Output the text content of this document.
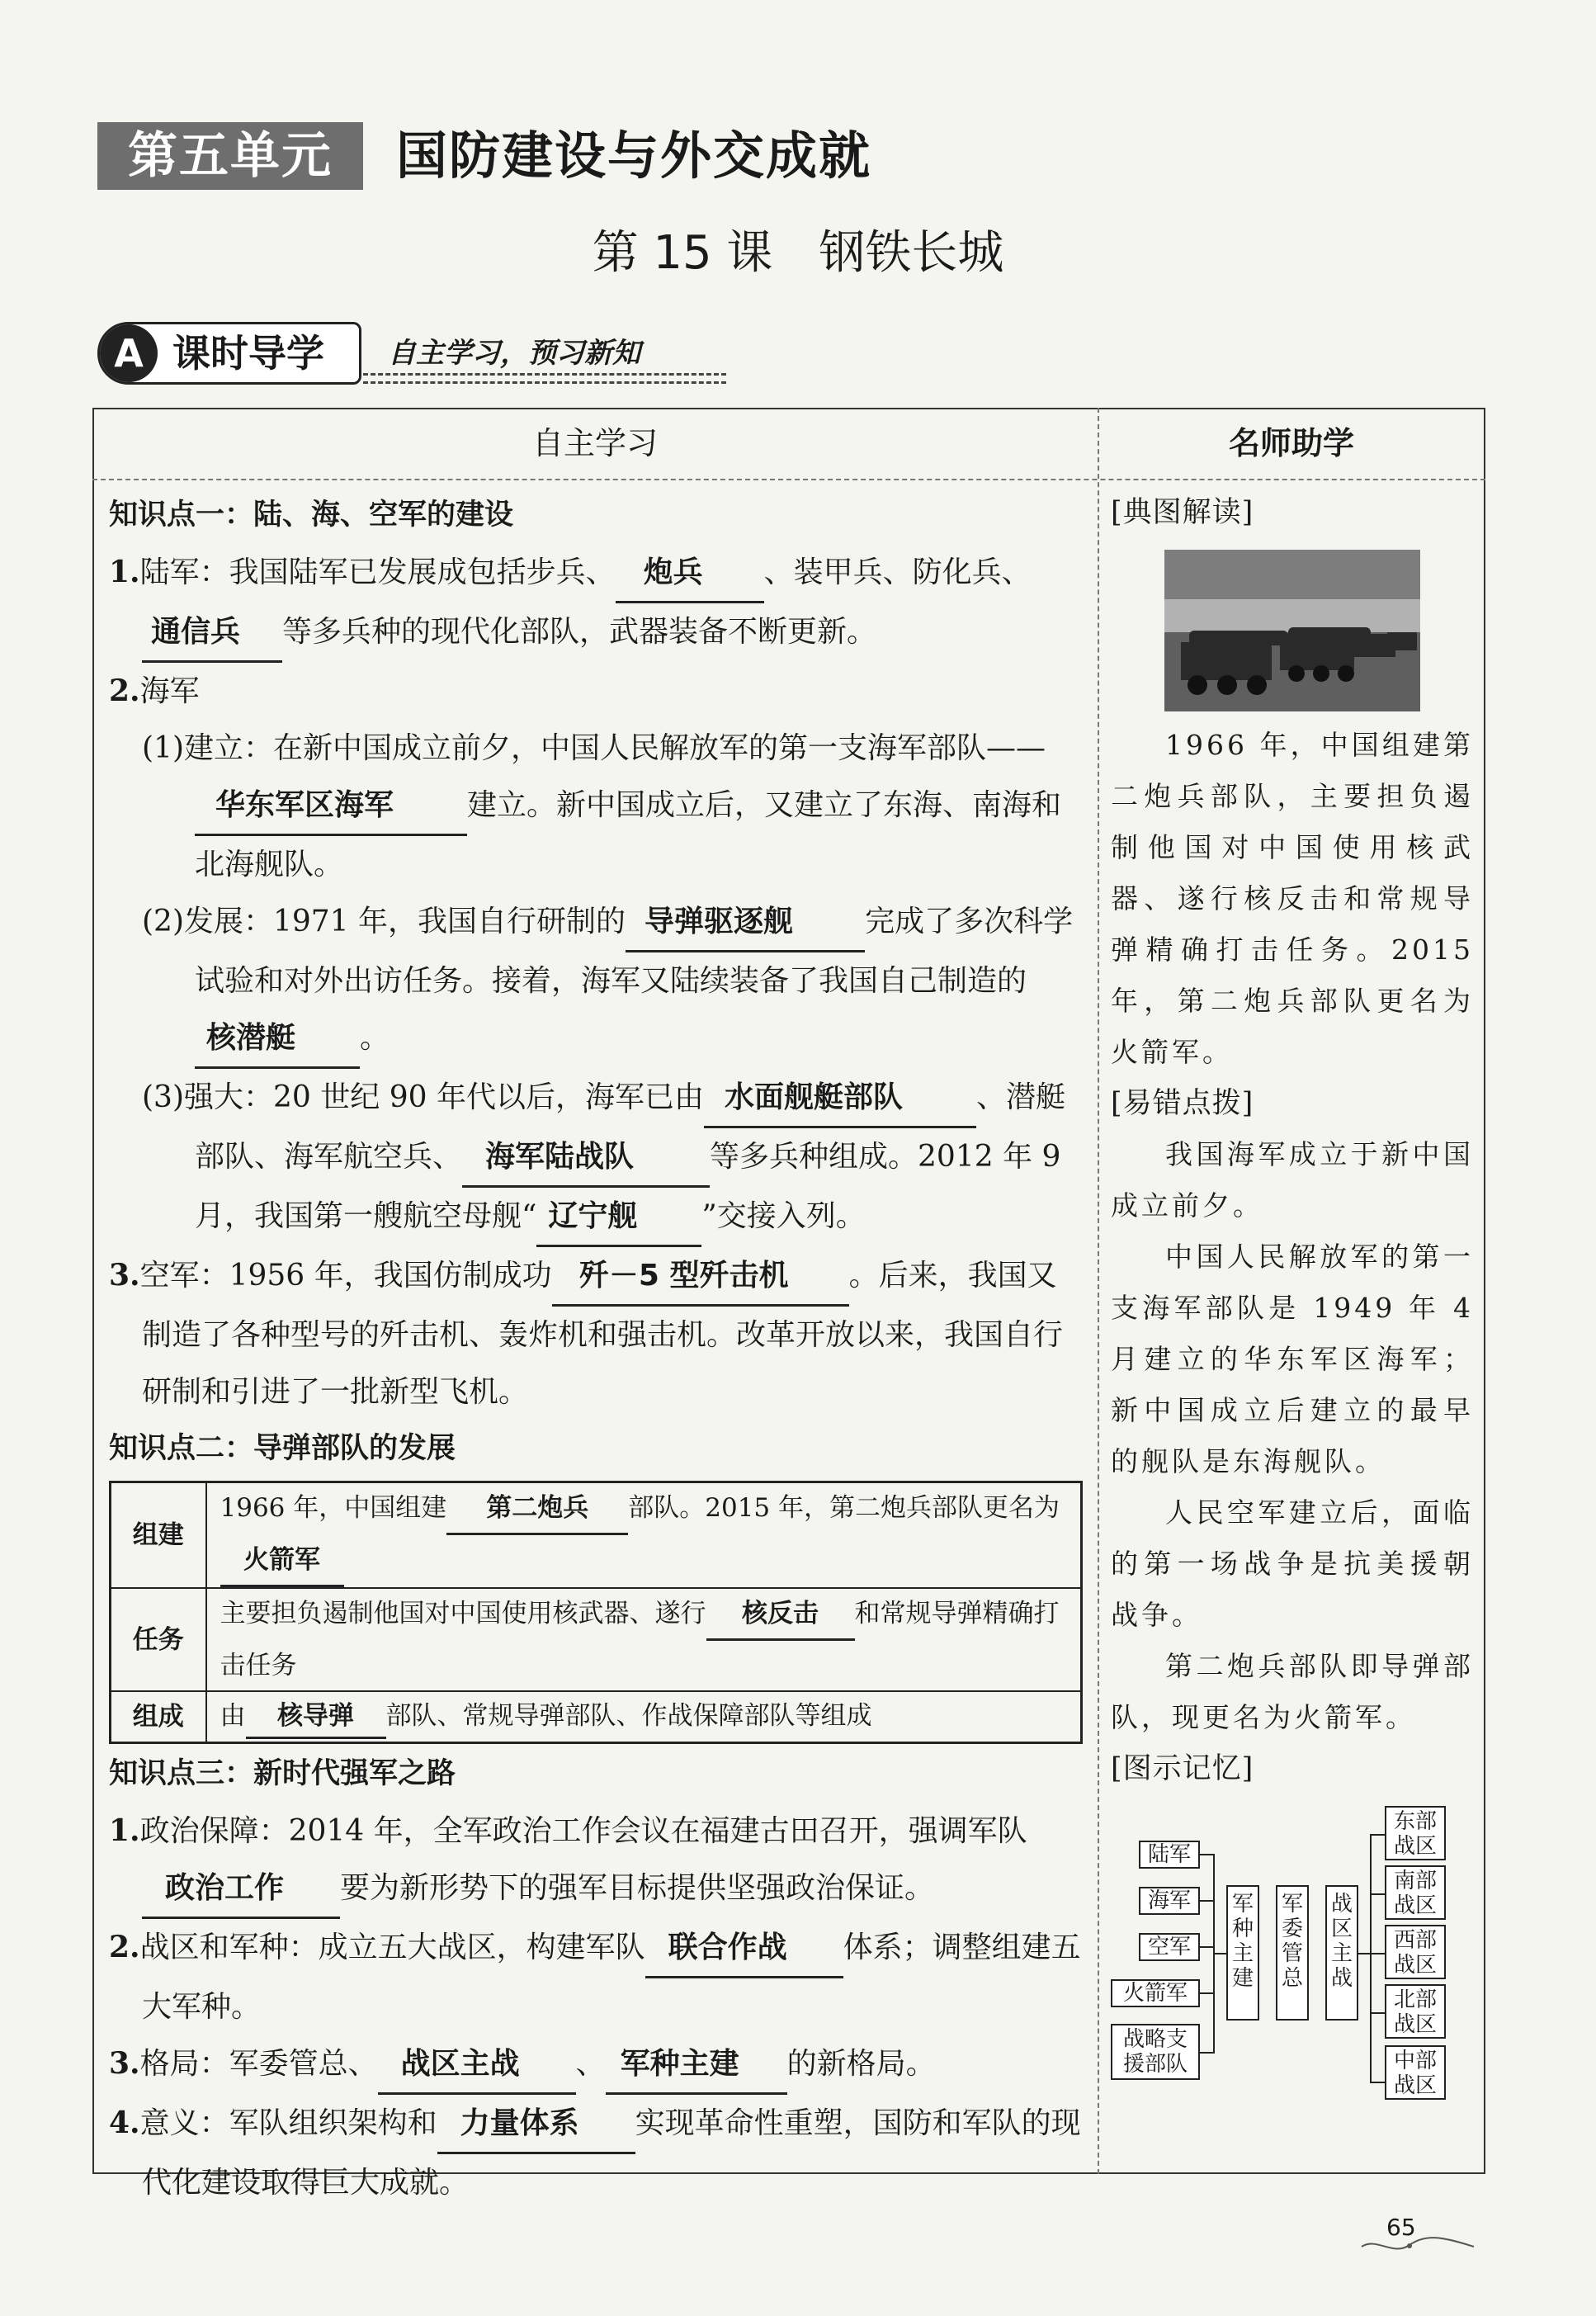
第五单元	国防建设与外交成就
第 15 课　钢铁长城
A 课时导学 自主学习，预习新知
自主学习	名师助学
知识点一：陆、海、空军的建设
1.陆军：我国陆军已发展成包括步兵、 炮兵 、装甲兵、防化兵、通信兵 等多兵种的现代化部队，武器装备不断更新。
2.海军
(1)建立：在新中国成立前夕，中国人民解放军的第一支海军部队——华东军区海军 建立。新中国成立后，又建立了东海、南海和北海舰队。
(2)发展：1971 年，我国自行研制的 导弹驱逐舰 完成了多次科学试验和对外出访任务。接着，海军又陆续装备了我国自己制造的核潜艇 。
(3)强大：20 世纪 90 年代以后，海军已由 水面舰艇部队 、潜艇部队、海军航空兵、 海军陆战队	等多兵种组成。2012 年 9 月，我国第一艘航空母舰“ 辽宁舰 ”交接入列。
3.空军：1956 年，我国仿制成功 歼－5 型歼击机 。后来，我国又制造了各种型号的歼击机、轰炸机和强击机。改革开放以来，我国自行研制和引进了一批新型飞机。
知识点二：导弹部队的发展
组建	1966 年，中国组建 第二炮兵 部队。2015 年，第二炮兵部队更名为火箭军
任务	主要担负遏制他国对中国使用核武器、遂行 核反击 和常规导弹精确打击任务
组成	由 核导弹 部队、常规导弹部队、作战保障部队等组成
知识点三：新时代强军之路
1.政治保障：2014 年，全军政治工作会议在福建古田召开，强调军队政治工作 要为新形势下的强军目标提供坚强政治保证。
2.战区和军种：成立五大战区，构建军队 联合作战 体系；调整组建五大军种。
3.格局：军委管总、 战区主战 、 军种主建 的新格局。
4.意义：军队组织架构和 力量体系 实现革命性重塑，国防和军队的现代化建设取得巨大成就。
[典图解读]
1966 年，中国组建第二炮兵部队，主要担负遏制他国对中国使用核武器、遂行核反击和常规导弹精确打击任务。2015 年，第二炮兵部队更名为火箭军。
[易错点拨]
我国海军成立于新中国成立前夕。
中国人民解放军的第一支海军部队是 1949 年 4 月建立的华东军区海军；新中国成立后建立的最早的舰队是东海舰队。
人民空军建立后，面临的第一场战争是抗美援朝战争。
第二炮兵部队即导弹部队，现更名为火箭军。
[图示记忆]
陆军
海军
空军
火箭军
战略支援部队
军种主建
军委管总
战区主战
东部战区
南部战区
西部战区
北部战区
中部战区
65
